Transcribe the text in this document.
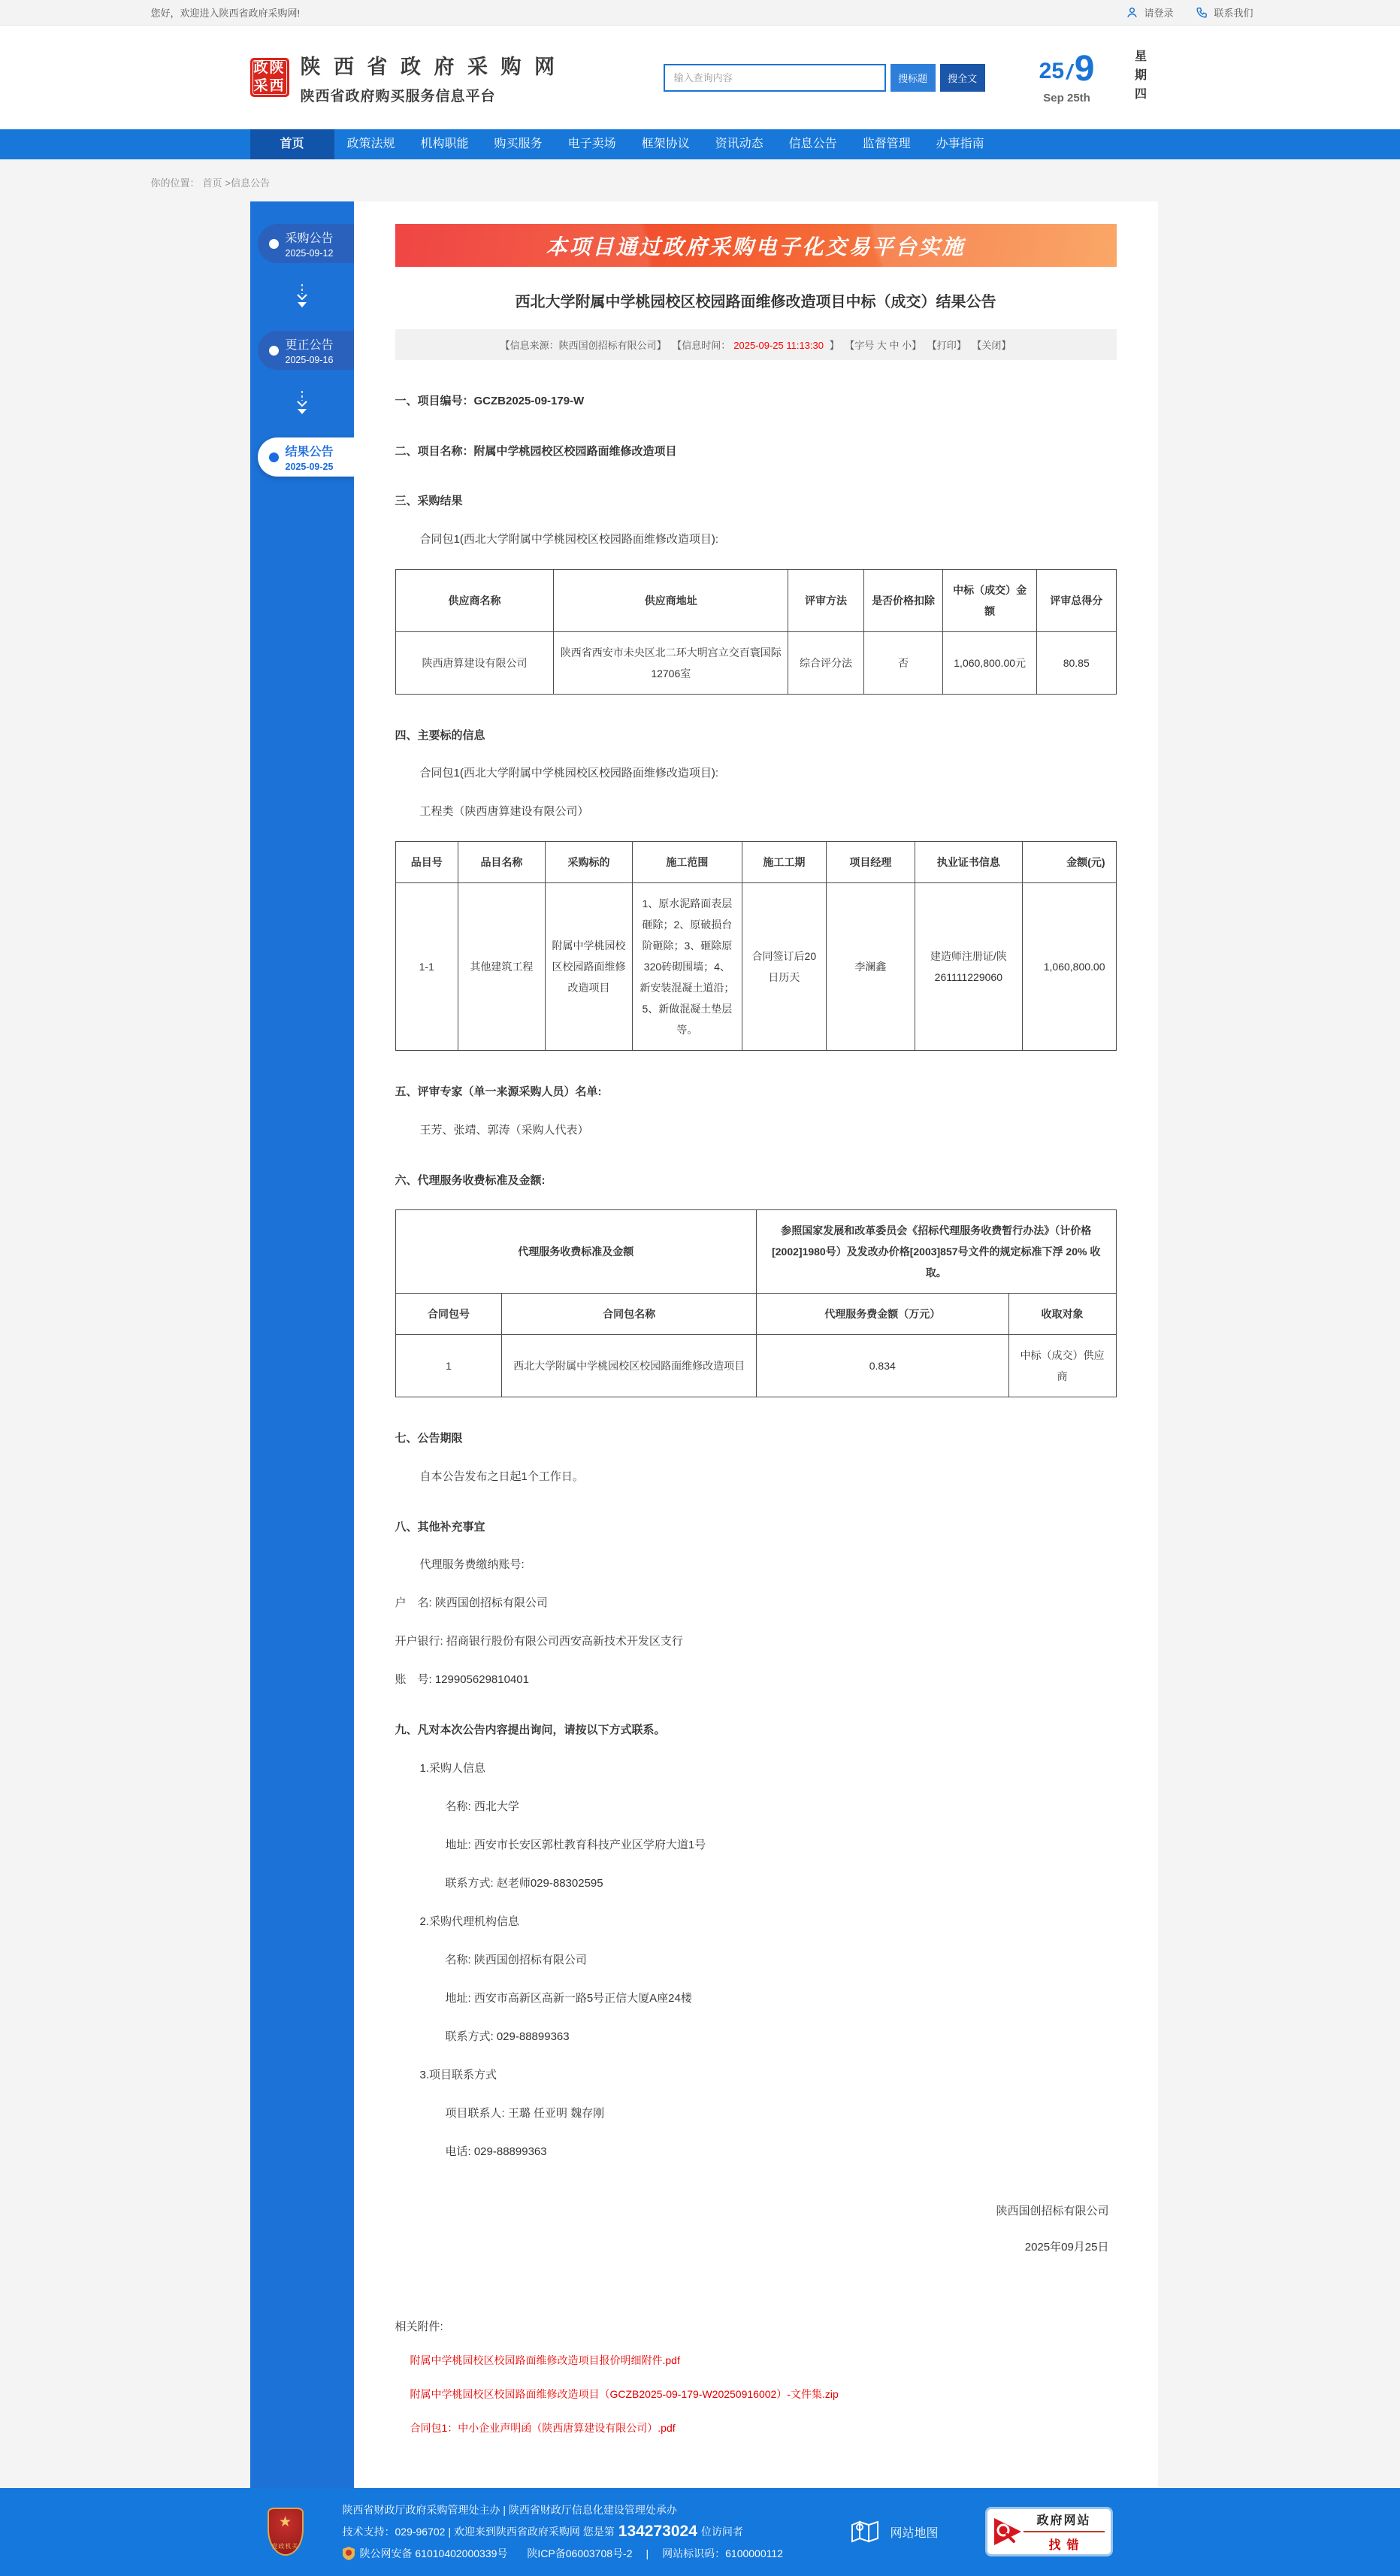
您好，欢迎进入陕西省政府采购网!	请登录	联系我们
政陕
采西
陕 西 省 政 府 采 购 网
陕西省政府购买服务信息平台
输入查询内容
搜标题	搜全文	25 / 9
Sep 25th	星期四
首页	政策法规	机构职能	购买服务	电子卖场	框架协议	资讯动态	信息公告	监督管理	办事指南
你的位置： 首页 >信息公告
采购公告
2025-09-12
更正公告
2025-09-16
结果公告
2025-09-25
本项目通过政府采购电子化交易平台实施
西北大学附属中学桃园校区校园路面维修改造项目中标（成交）结果公告
【信息来源：陕西国创招标有限公司】 【信息时间： 2025-09-25 11:13:30 】 【字号 大 中 小】 【打印】 【关闭】
一、项目编号：GCZB2025-09-179-W
二、项目名称：附属中学桃园校区校园路面维修改造项目
三、采购结果
合同包1(西北大学附属中学桃园校区校园路面维修改造项目):
供应商名称	供应商地址	评审方法	是否价格扣除	中标（成交）金额	评审总得分
陕西唐算建设有限公司	陕西省西安市未央区北二环大明宫立交百寰国际12706室	综合评分法	否	1,060,800.00元	80.85
四、主要标的信息
合同包1(西北大学附属中学桃园校区校园路面维修改造项目):
工程类（陕西唐算建设有限公司）
品目号	品目名称	采购标的	施工范围	施工工期	项目经理	执业证书信息	金额(元)
1-1	其他建筑工程	附属中学桃园校区校园路面维修改造项目	1、原水泥路面表层砸除；2、原破损台阶砸除；3、砸除原320砖砌围墙；4、新安装混凝土道沿；5、新做混凝土垫层等。	合同签订后20日历天	李澜鑫	建造师注册证/陕261111229060	1,060,800.00
五、评审专家（单一来源采购人员）名单:
王芳、张靖、郭涛（采购人代表）
六、代理服务收费标准及金额:
代理服务收费标准及金额		参照国家发展和改革委员会《招标代理服务收费暂行办法》（计价格[2002]1980号）及发改办价格[2003]857号文件的规定标准下浮 20% 收取。	
合同包号	合同包名称	代理服务费金额（万元）	收取对象
1	西北大学附属中学桃园校区校园路面维修改造项目	0.834	中标（成交）供应商
七、公告期限
自本公告发布之日起1个工作日。
八、其他补充事宜
代理服务费缴纳账号:
户　名: 陕西国创招标有限公司
开户银行: 招商银行股份有限公司西安高新技术开发区支行
账　号: 129905629810401
九、凡对本次公告内容提出询问，请按以下方式联系。
1.采购人信息
名称: 西北大学
地址: 西安市长安区郭杜教育科技产业区学府大道1号
联系方式: 赵老师029-88302595
2.采购代理机构信息
名称: 陕西国创招标有限公司
地址: 西安市高新区高新一路5号正信大厦A座24楼
联系方式: 029-88899363
3.项目联系方式
项目联系人: 王璐 任亚明 魏存刚
电话: 029-88899363
陕西国创招标有限公司
2025年09月25日
相关附件:
附属中学桃园校区校园路面维修改造项目报价明细附件.pdf
附属中学桃园校区校园路面维修改造项目（GCZB2025-09-179-W20250916002）-文件集.zip
合同包1：中小企业声明函（陕西唐算建设有限公司）.pdf
★
党政机关
陕西省财政厅政府采购管理处主办 | 陕西省财政厅信息化建设管理处承办
技术支持：029-96702 | 欢迎来到陕西省政府采购网 您是第 134273024 位访问者
陕公网安备 61010402000339号 陕ICP备06003708号-2 | 网站标识码：6100000112
网站地图
政府网站
找错
